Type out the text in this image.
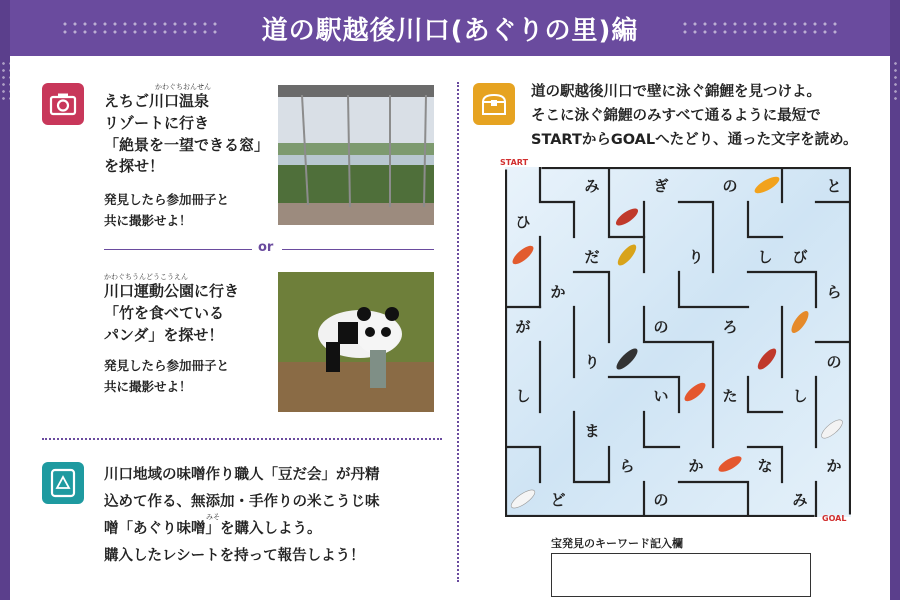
道の駅越後川口(あぐりの里)編
かわぐちおんせん
えちご川口温泉
リゾートに行き
「絶景を一望できる窓」
を探せ！
発見したら参加冊子と
共に撮影せよ！
or
かわぐちうんどうこうえん
川口運動公園に行き
「竹を食べている
パンダ」を探せ！
発見したら参加冊子と
共に撮影せよ！
みそ
川口地域の味噌作り職人「豆だ会」が丹精
込めて作る、無添加・手作りの米こうじ味
噌「あぐり味噌」を購入しよう。
購入したレシートを持って報告しよう！
道の駅越後川口で壁に泳ぐ錦鯉を見つけよ。
そこに泳ぐ錦鯉のみすべて通るように最短で
STARTからGOALへたどり、通った文字を読め。
START
み	ぎ	の	と
ひ
だ	り	し	び
か	ら
が	の	ろ
り	の
し	い	た	し
ま
ら	か	な	か
ど	の	み
GOAL
宝発見のキーワード記入欄
